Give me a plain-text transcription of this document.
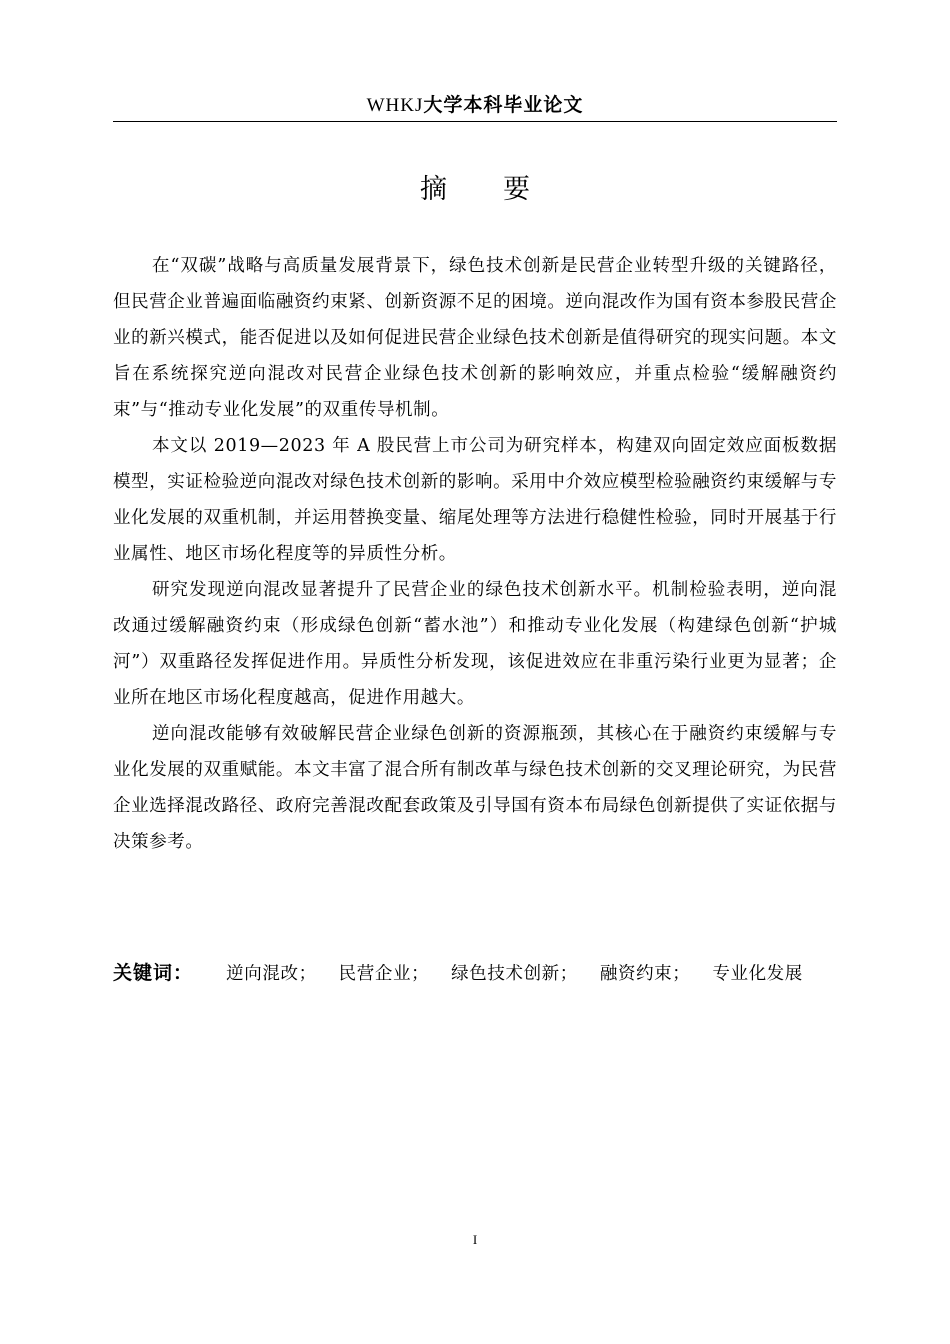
WHKJ大学本科毕业论文
摘要

在“双碳”战略与高质量发展背景下，绿色技术创新是民营企业转型升级的关键路径，但民营企业普遍面临融资约束紧、创新资源不足的困境。逆向混改作为国有资本参股民营企业的新兴模式，能否促进以及如何促进民营企业绿色技术创新是值得研究的现实问题。本文旨在系统探究逆向混改对民营企业绿色技术创新的影响效应，并重点检验“缓解融资约束”与“推动专业化发展”的双重传导机制。

本文以 2019—2023 年 A 股民营上市公司为研究样本，构建双向固定效应面板数据模型，实证检验逆向混改对绿色技术创新的影响。采用中介效应模型检验融资约束缓解与专业化发展的双重机制，并运用替换变量、缩尾处理等方法进行稳健性检验，同时开展基于行业属性、地区市场化程度等的异质性分析。

研究发现逆向混改显著提升了民营企业的绿色技术创新水平。机制检验表明，逆向混改通过缓解融资约束（形成绿色创新“蓄水池”）和推动专业化发展（构建绿色创新“护城河”）双重路径发挥促进作用。异质性分析发现，该促进效应在非重污染行业更为显著；企业所在地区市场化程度越高，促进作用越大。

逆向混改能够有效破解民营企业绿色创新的资源瓶颈，其核心在于融资约束缓解与专业化发展的双重赋能。本文丰富了混合所有制改革与绿色技术创新的交叉理论研究，为民营企业选择混改路径、政府完善混改配套政策及引导国有资本布局绿色创新提供了实证依据与决策参考。

关键词： 逆向混改； 民营企业； 绿色技术创新； 融资约束； 专业化发展
I
